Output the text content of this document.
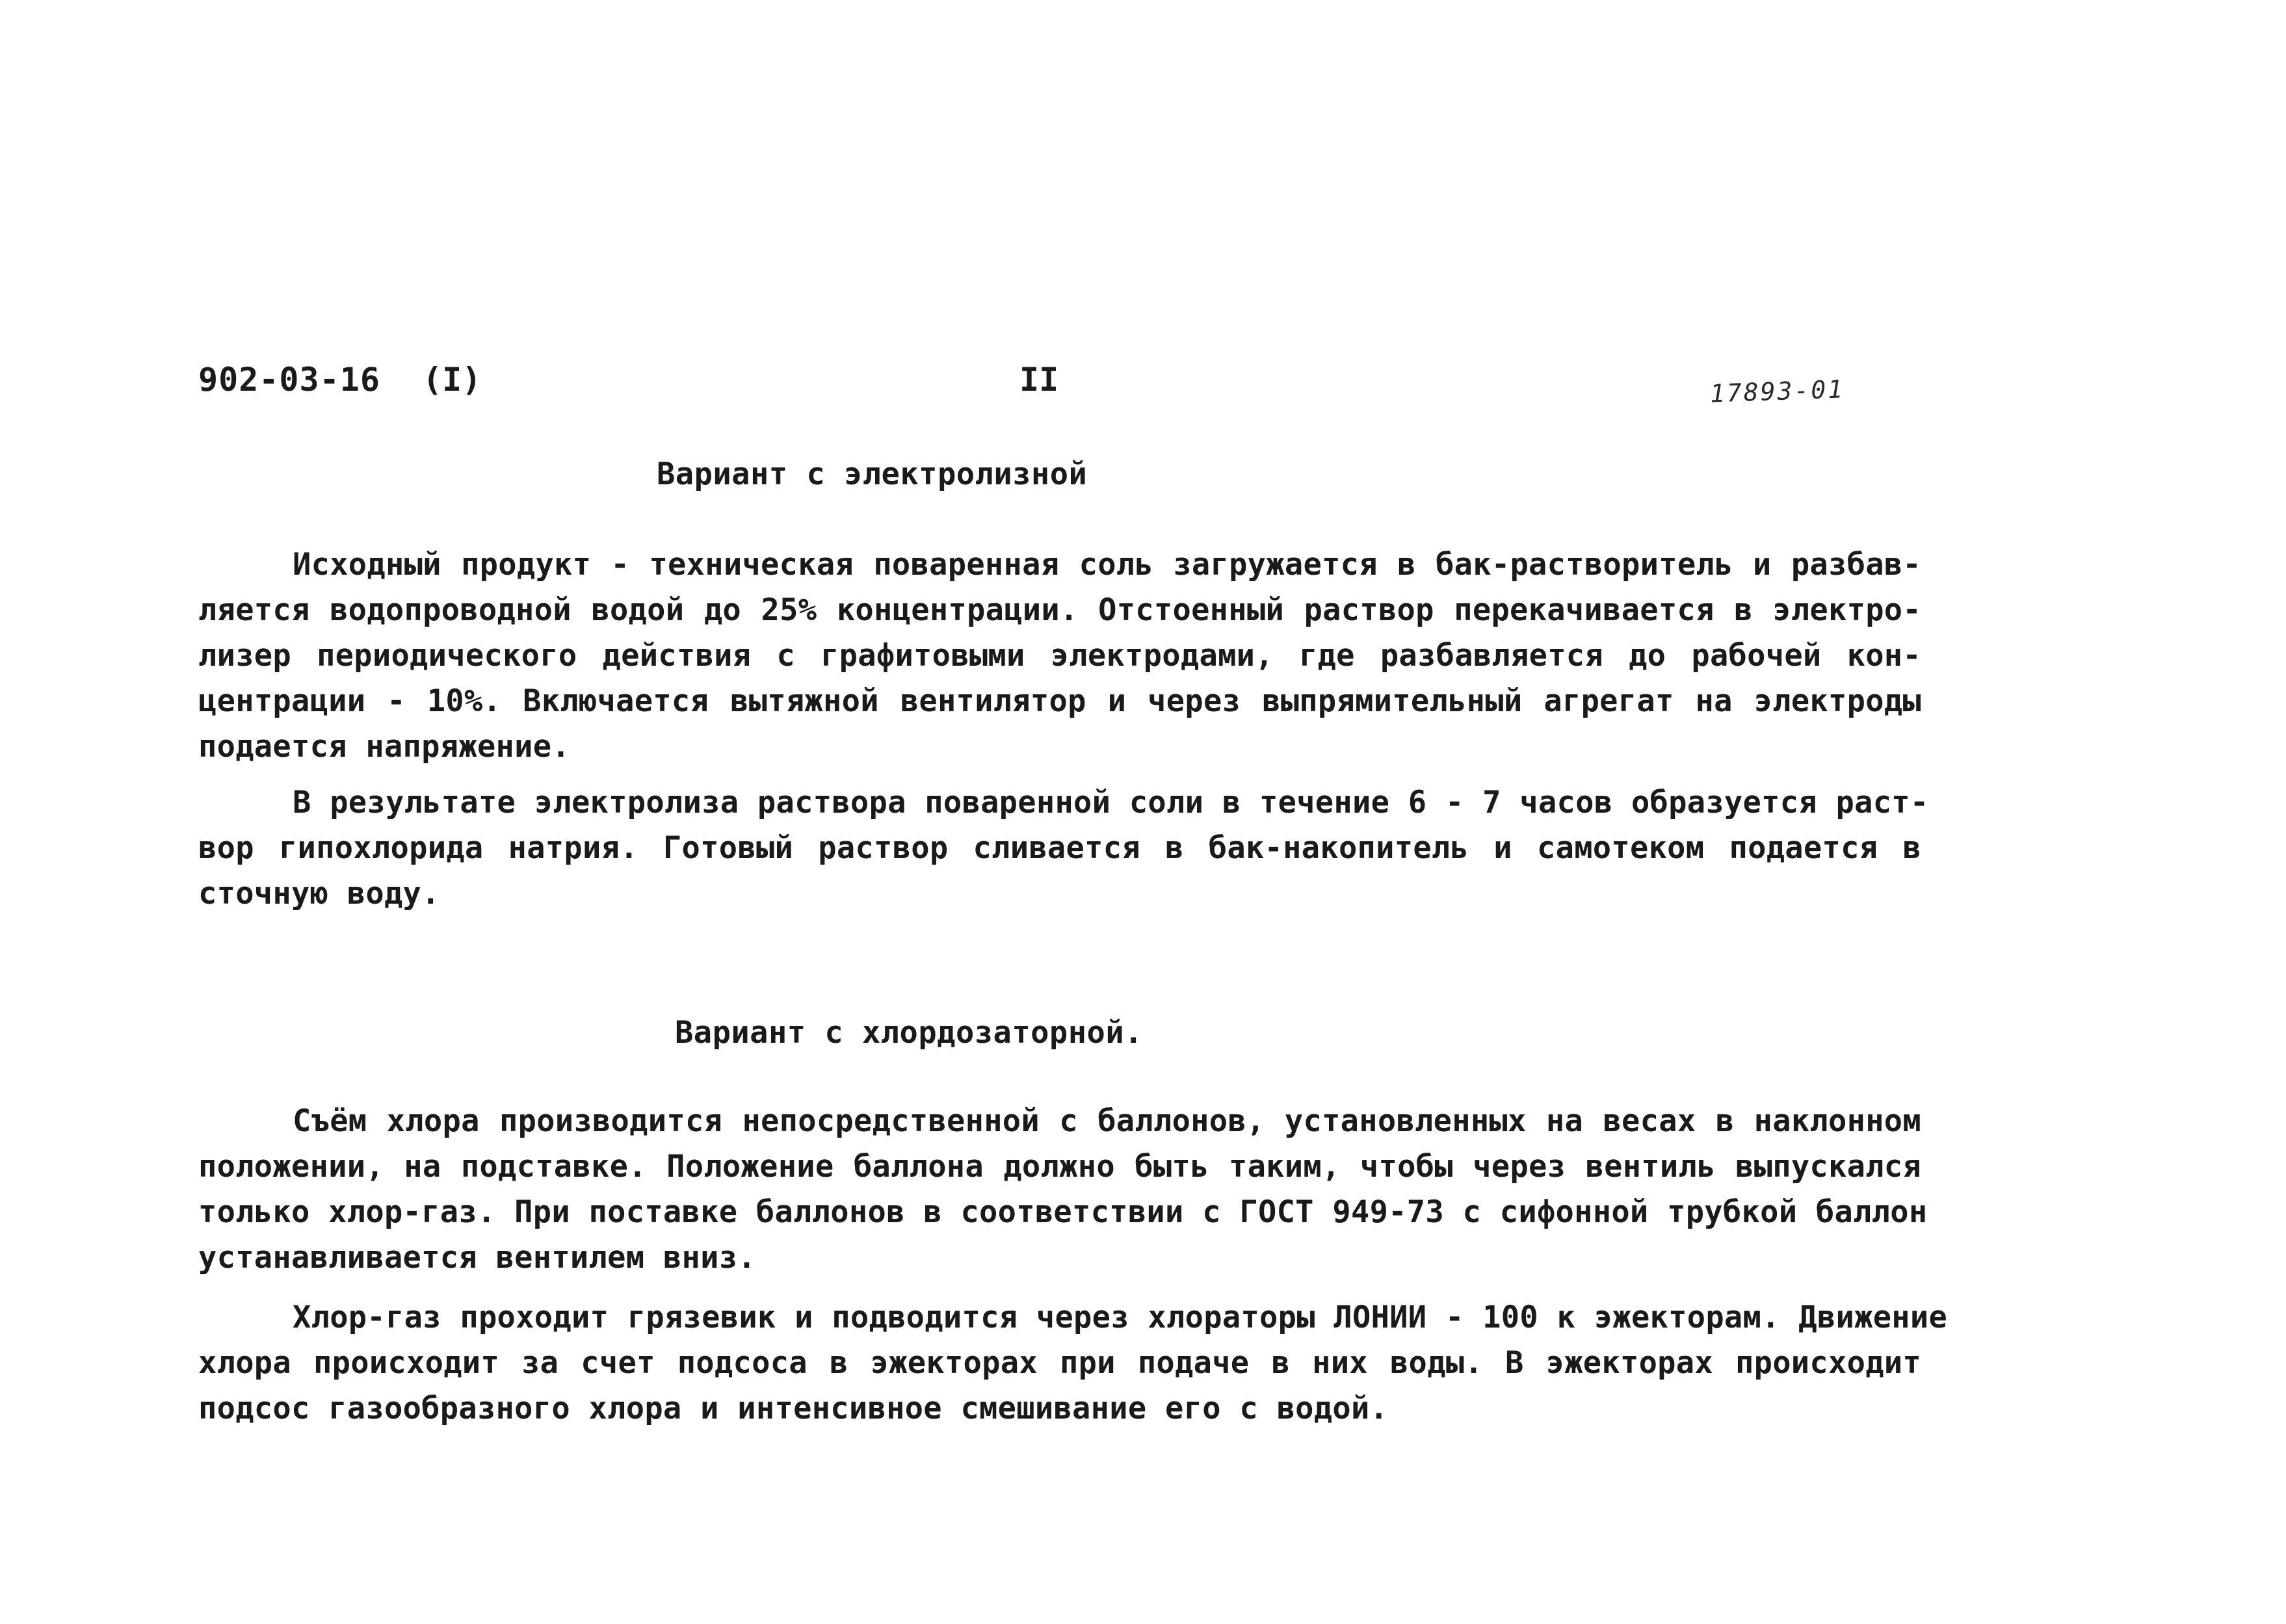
902-03-16 (I)	II	17893-01
Вариант с электролизной
Исходный продукт - техническая поваренная соль загружается в бак-растворитель и разбав-
ляется водопроводной водой до 25% концентрации. Отстоенный раствор перекачивается в электро-
лизер периодического действия с графитовыми электродами, где разбавляется до рабочей кон-
центрации - 10%. Включается вытяжной вентилятор и через выпрямительный агрегат на электроды
подается напряжение.
В результате электролиза раствора поваренной соли в течение 6 - 7 часов образуется раст-
вор гипохлорида натрия. Готовый раствор сливается в бак-накопитель и самотеком подается в
сточную воду.
Вариант с хлордозаторной.
Съём хлора производится непосредственной с баллонов, установленных на весах в наклонном
положении, на подставке. Положение баллона должно быть таким, чтобы через вентиль выпускался
только хлор-газ. При поставке баллонов в соответствии с ГОСТ 949-73 с сифонной трубкой баллон
устанавливается вентилем вниз.
Хлор-газ проходит грязевик и подводится через хлораторы ЛОНИИ - 100 к эжекторам. Движение
хлора происходит за счет подсоса в эжекторах при подаче в них воды. В эжекторах происходит
подсос газообразного хлора и интенсивное смешивание его с водой.
